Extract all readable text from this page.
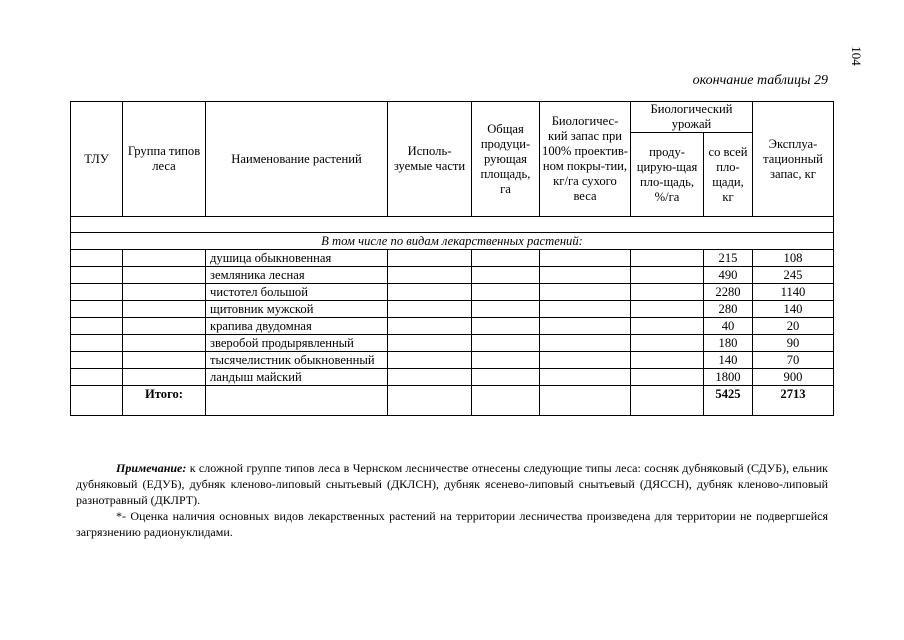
104
окончание таблицы 29
ТЛУ	Группа типов леса	Наименование растений	Исполь-зуемые части	Общая продуци-рующая площадь, га	Биологичес-кий запас при 100% проектив-ном покры-тии, кг/га сухого веса	Биологический урожай		Эксплуа-тационный запас, кг
						проду-цирую-щая пло-щадь, %/га	со всей пло-щади, кг	

В том числе по видам лекарственных растений:								
		душица обыкновенная					215	108
		земляника лесная					490	245
		чистотел большой					2280	1140
		щитовник мужской					280	140
		крапива двудомная					40	20
		зверобой продырявленный					180	90
		тысячелистник обыкновенный					140	70
		ландыш майский					1800	900
	Итого:						5425	2713

Примечание: к сложной группе типов леса в Чернском лесничестве отнесены следующие типы леса: сосняк дубняковый (СДУБ), ельник дубняковый (ЕДУБ), дубняк кленово-липовый снытьевый (ДКЛСН), дубняк ясенево-липовый снытьевый (ДЯССН), дубняк кленово-липовый разнотравный (ДКЛРТ).

*- Оценка наличия основных видов лекарственных растений на территории лесничества произведена для территории не подвергшейся загрязнению радионуклидами.
